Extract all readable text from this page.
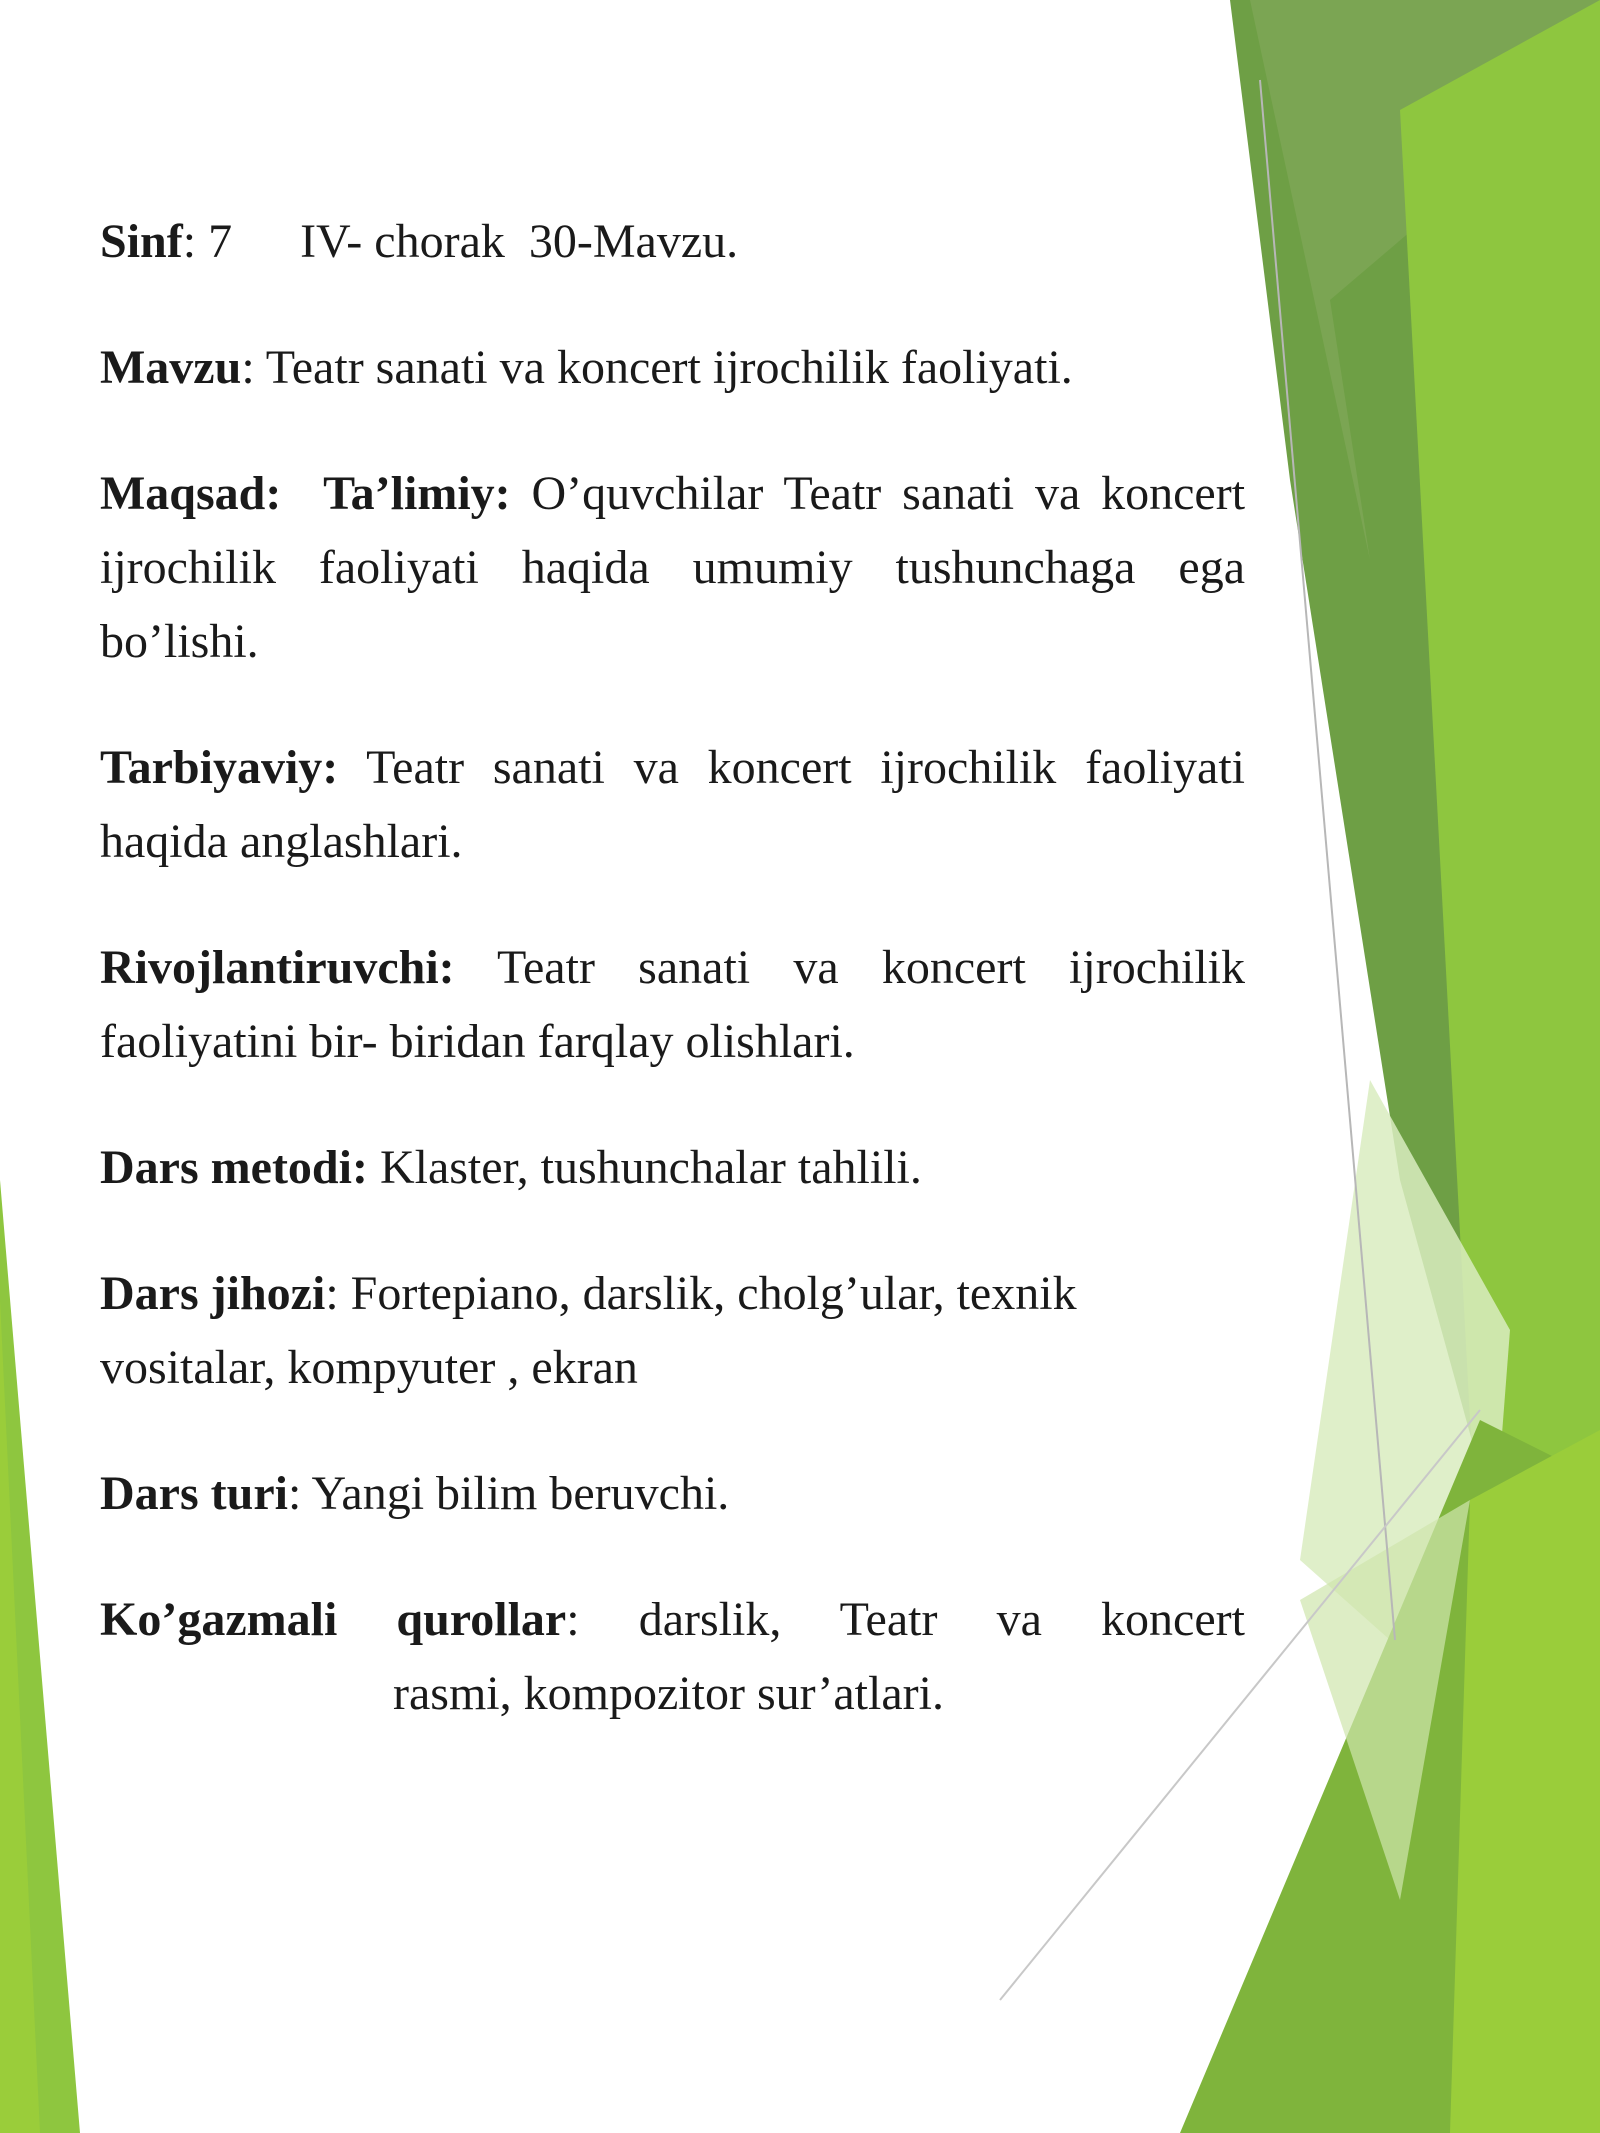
Sinf: 7 IV- chorak 30-Mavzu.

Mavzu: Teatr sanati va koncert ijrochilik faoliyati.

Maqsad: Ta’limiy: O’quvchilar Teatr sanati va koncert ijrochilik faoliyati haqida umumiy tushunchaga ega bo’lishi.

Tarbiyaviy: Teatr sanati va koncert ijrochilik faoliyati haqida anglashlari.

Rivojlantiruvchi: Teatr sanati va koncert ijrochilik faoliyatini bir- biridan farqlay olishlari.

Dars metodi: Klaster, tushunchalar tahlili.

Dars jihozi: Fortepiano, darslik, cholg’ular, texnik vositalar, kompyuter , ekran

Dars turi: Yangi bilim beruvchi.

Ko’gazmali qurollar: darslik, Teatr va koncert

rasmi, kompozitor sur’atlari.
